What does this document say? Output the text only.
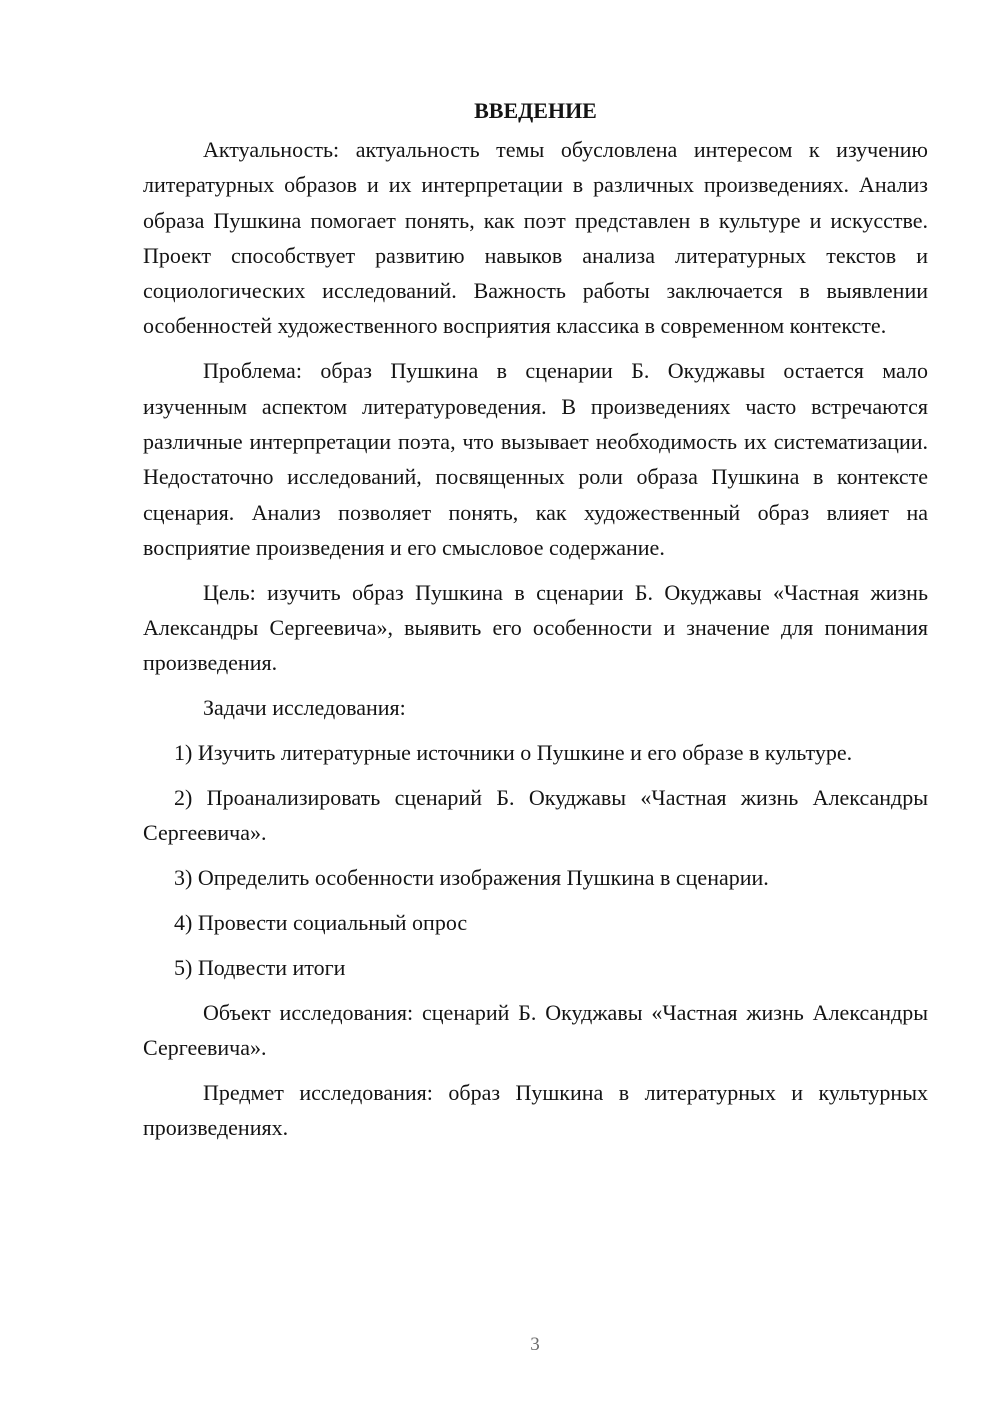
ВВЕДЕНИЕ

Актуальность: актуальность темы обусловлена интересом к изучению литературных образов и их интерпретации в различных произведениях. Анализ образа Пушкина помогает понять, как поэт представлен в культуре и искусстве. Проект способствует развитию навыков анализа литературных текстов и социологических исследований. Важность работы заключается в выявлении особенностей художественного восприятия классика в современном контексте.

Проблема: образ Пушкина в сценарии Б. Окуджавы остается мало изученным аспектом литературоведения. В произведениях часто встречаются различные интерпретации поэта, что вызывает необходимость их систематизации. Недостаточно исследований, посвященных роли образа Пушкина в контексте сценария. Анализ позволяет понять, как художественный образ влияет на восприятие произведения и его смысловое содержание.

Цель: изучить образ Пушкина в сценарии Б. Окуджавы «Частная жизнь Александры Сергеевича», выявить его особенности и значение для понимания произведения.

Задачи исследования:

1) Изучить литературные источники о Пушкине и его образе в культуре.

2) Проанализировать сценарий Б. Окуджавы «Частная жизнь Александры Сергеевича».

3) Определить особенности изображения Пушкина в сценарии.

4) Провести социальный опрос

5) Подвести итоги

Объект исследования: сценарий Б. Окуджавы «Частная жизнь Александры Сергеевича».

Предмет исследования: образ Пушкина в литературных и культурных произведениях.

3
